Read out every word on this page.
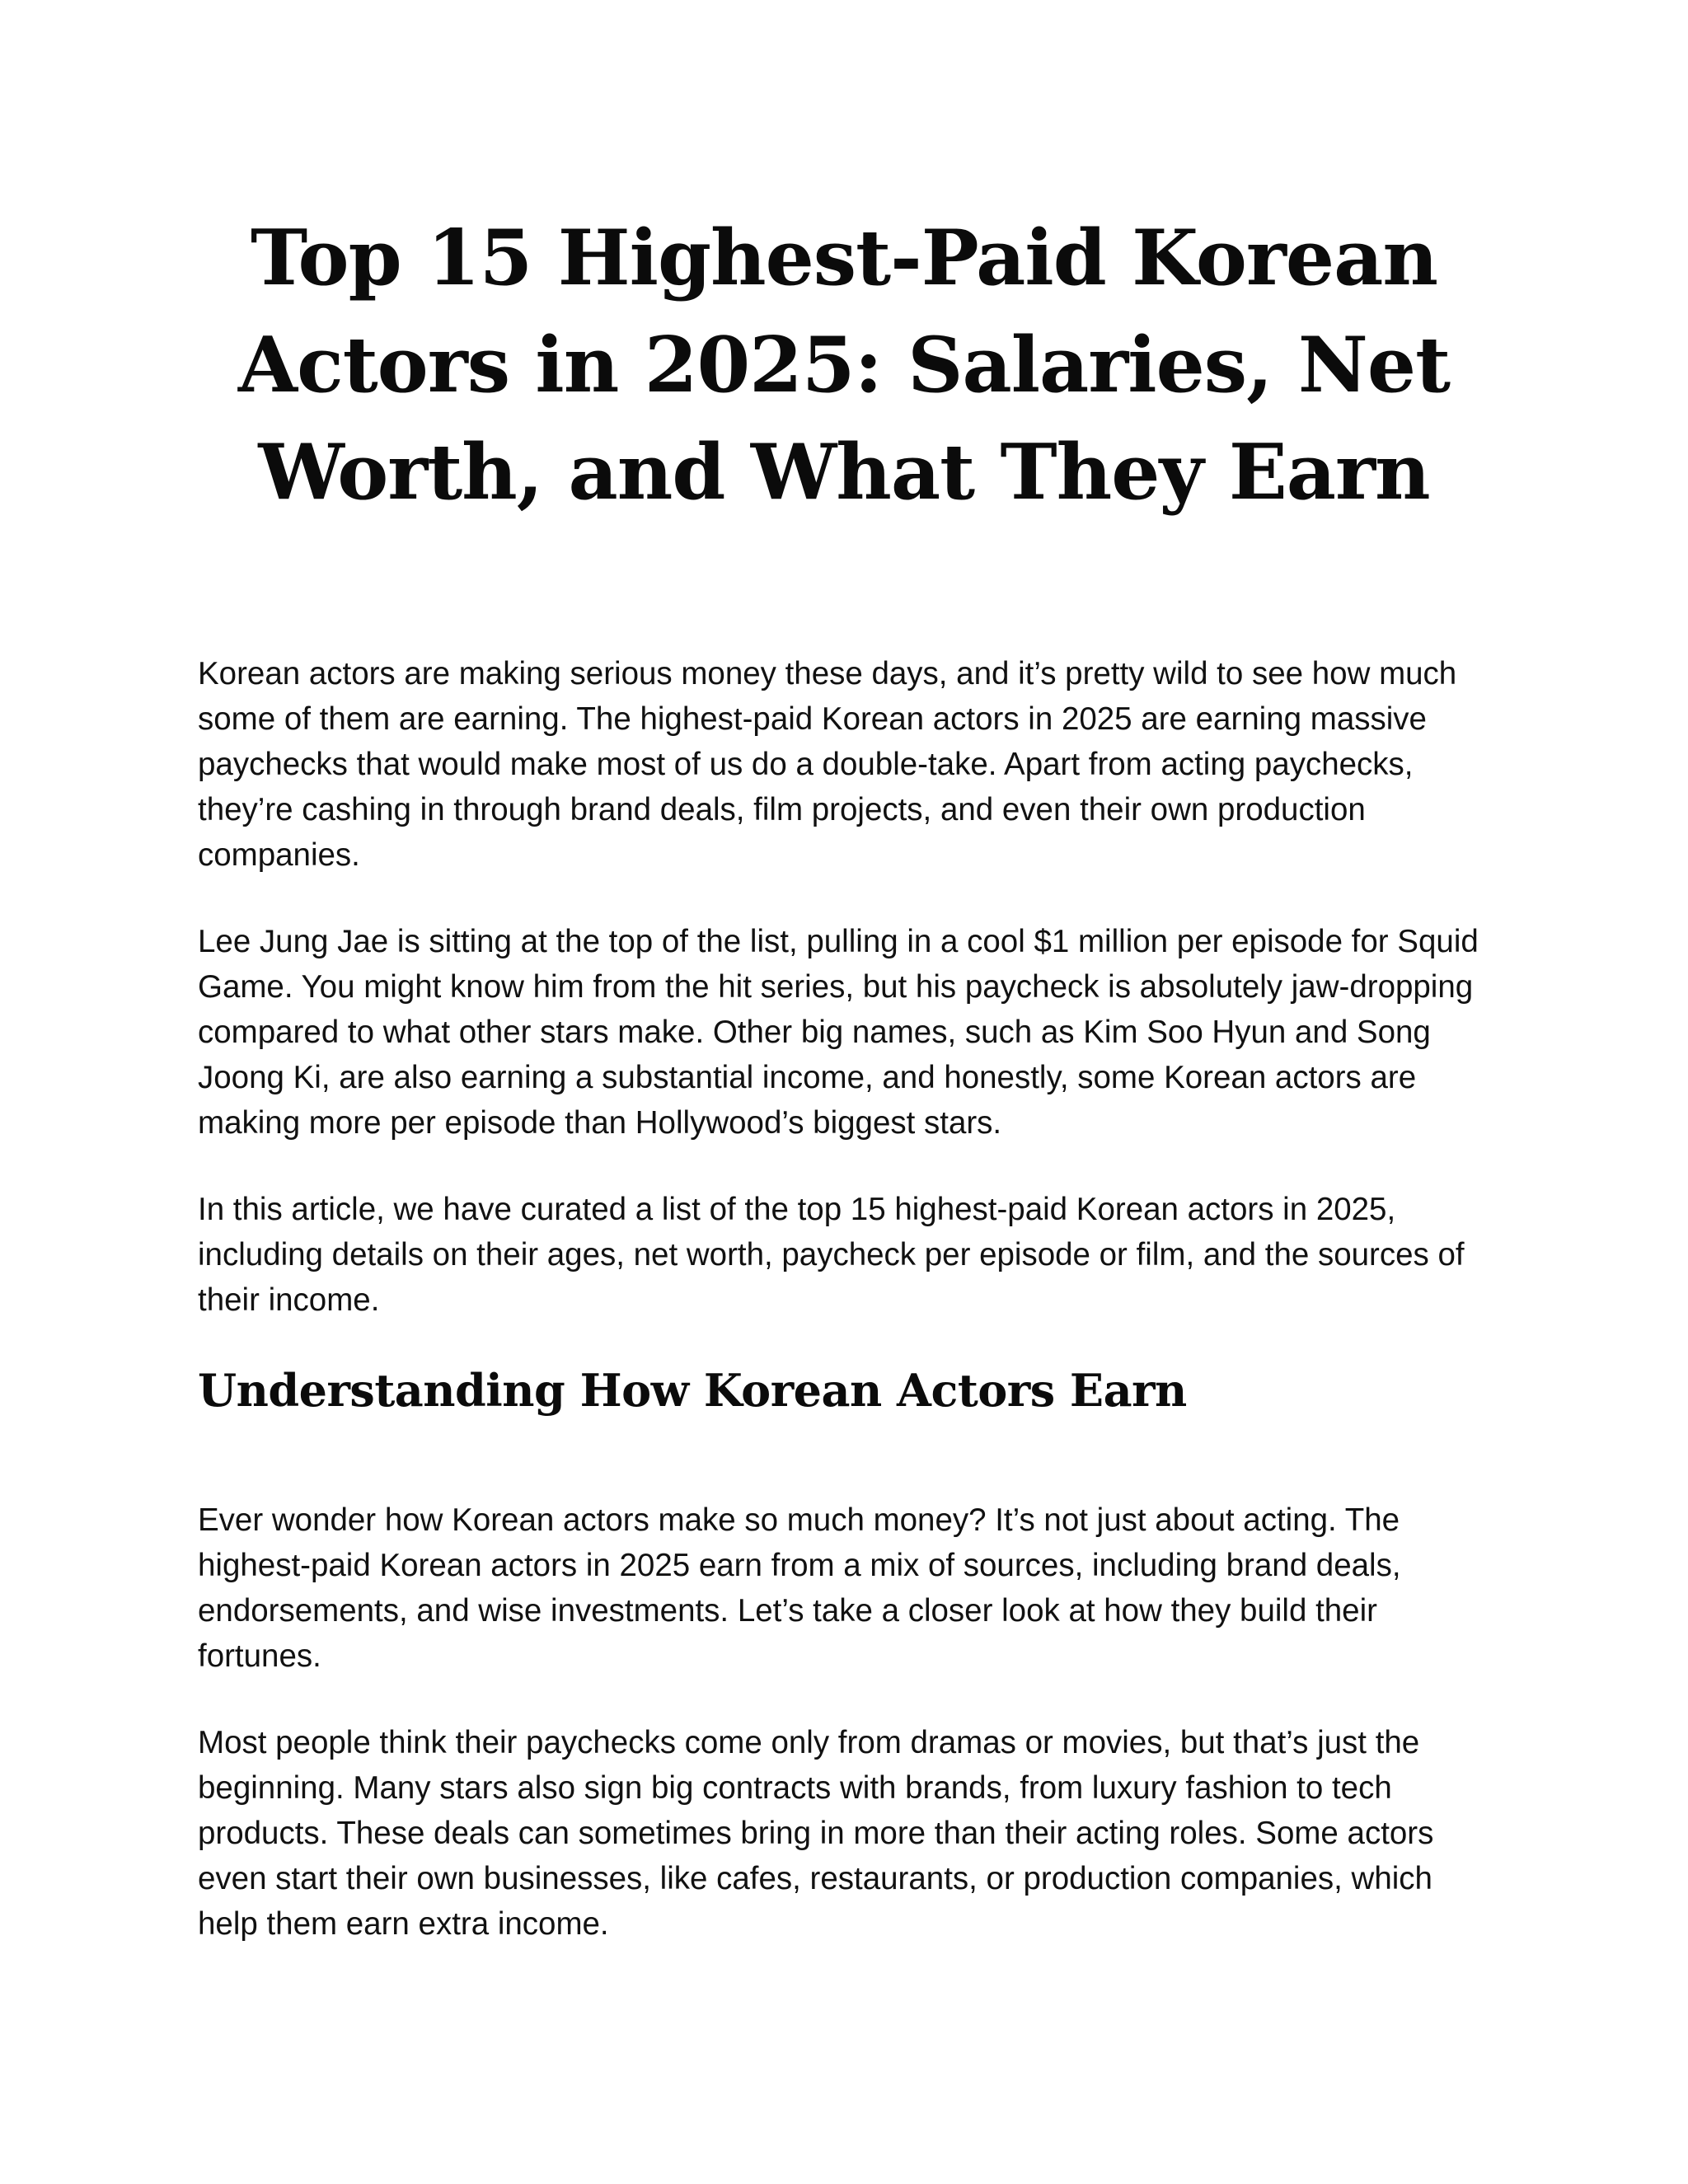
Top 15 Highest-Paid Korean Actors in 2025: Salaries, Net Worth, and What They Earn

Korean actors are making serious money these days, and it’s pretty wild to see how much some of them are earning. The highest-paid Korean actors in 2025 are earning massive paychecks that would make most of us do a double-take. Apart from acting paychecks, they’re cashing in through brand deals, film projects, and even their own production companies.

Lee Jung Jae is sitting at the top of the list, pulling in a cool $1 million per episode for Squid Game. You might know him from the hit series, but his paycheck is absolutely jaw-dropping compared to what other stars make. Other big names, such as Kim Soo Hyun and Song Joong Ki, are also earning a substantial income, and honestly, some Korean actors are making more per episode than Hollywood’s biggest stars.

In this article, we have curated a list of the top 15 highest-paid Korean actors in 2025, including details on their ages, net worth, paycheck per episode or film, and the sources of their income.

Understanding How Korean Actors Earn

Ever wonder how Korean actors make so much money? It’s not just about acting. The highest-paid Korean actors in 2025 earn from a mix of sources, including brand deals, endorsements, and wise investments. Let’s take a closer look at how they build their fortunes.

Most people think their paychecks come only from dramas or movies, but that’s just the beginning. Many stars also sign big contracts with brands, from luxury fashion to tech products. These deals can sometimes bring in more than their acting roles. Some actors even start their own businesses, like cafes, restaurants, or production companies, which help them earn extra income.
